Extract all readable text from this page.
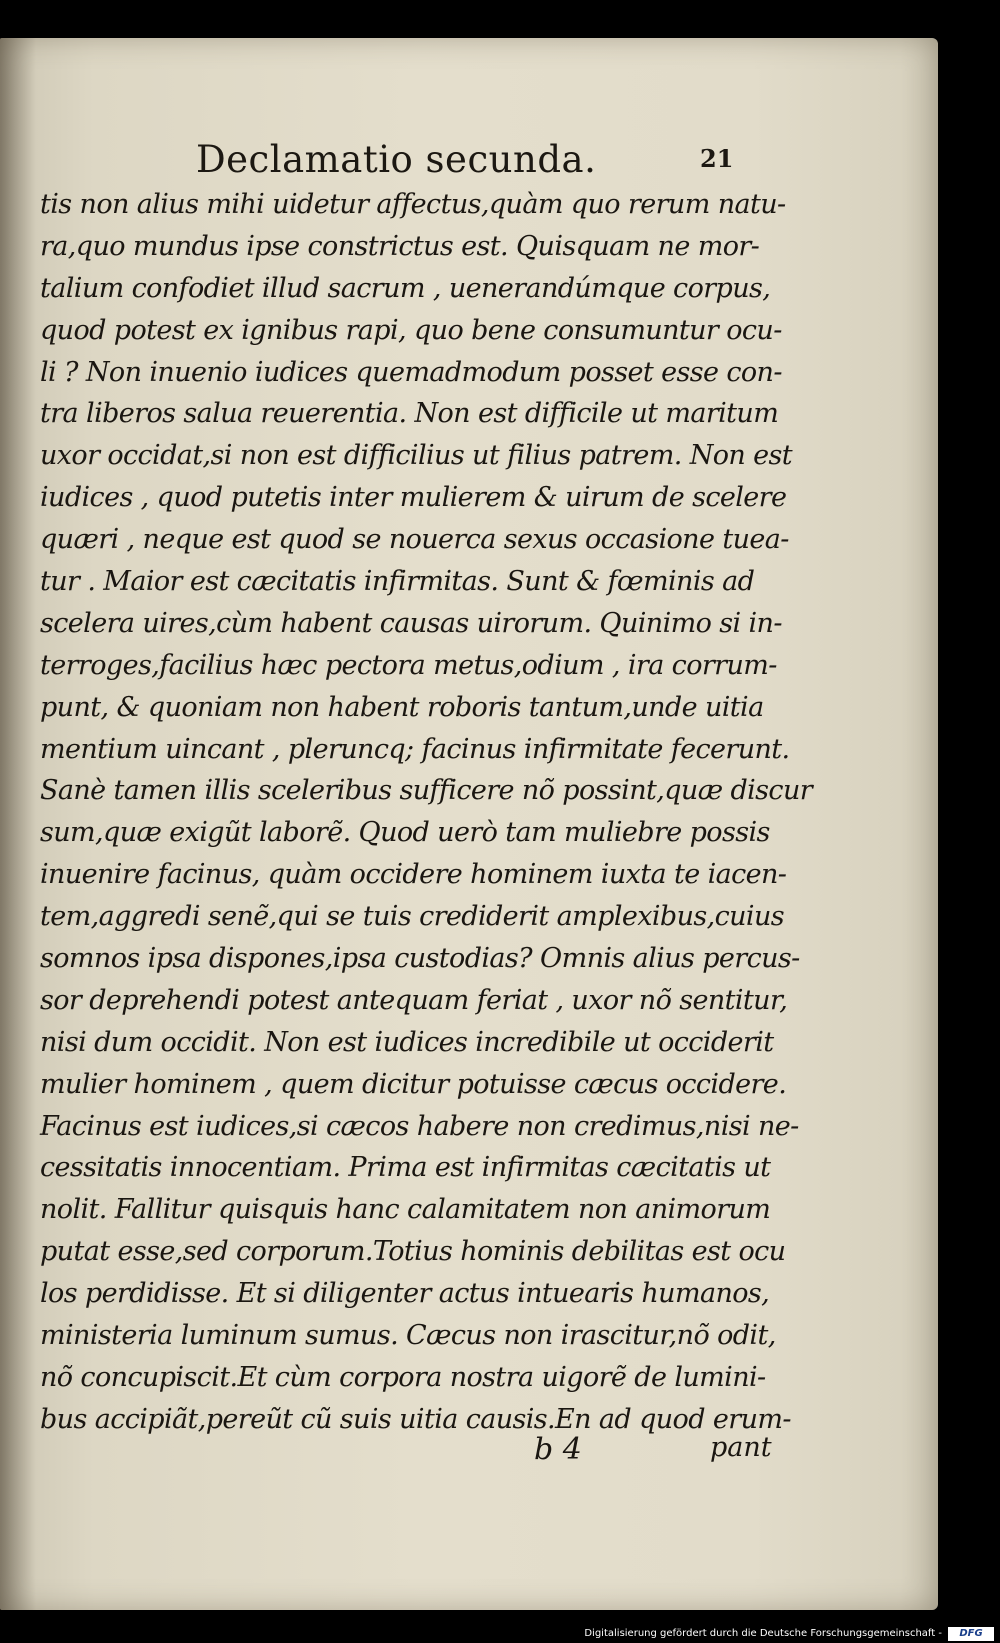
Declamatio secunda.	21
tis non alius mihi uidetur affectus,quàm quo rerum natu-
ra,quo mundus ipse constrictus est. Quisquam ne mor-
talium confodiet illud sacrum , uenerandúmque corpus,
quod potest ex ignibus rapi, quo bene consumuntur ocu-
li ? Non inuenio iudices quemadmodum posset esse con-
tra liberos salua reuerentia. Non est difficile ut maritum
uxor occidat,si non est difficilius ut filius patrem. Non est
iudices , quod putetis inter mulierem & uirum de scelere
quæri , neque est quod se nouerca sexus occasione tuea-
tur . Maior est cæcitatis infirmitas. Sunt & fœminis ad
scelera uires,cùm habent causas uirorum. Quinimo si in-
terroges,facilius hæc pectora metus,odium , ira corrum-
punt, & quoniam non habent roboris tantum,unde uitia
mentium uincant , pleruncq; facinus infirmitate fecerunt.
Sanè tamen illis sceleribus sufficere nõ possint,quæ discur
sum,quæ exigũt laborẽ. Quod uerò tam muliebre possis
inuenire facinus, quàm occidere hominem iuxta te iacen-
tem,aggredi senẽ,qui se tuis crediderit amplexibus,cuius
somnos ipsa dispones,ipsa custodias? Omnis alius percus-
sor deprehendi potest antequam feriat , uxor nõ sentitur,
nisi dum occidit. Non est iudices incredibile ut occiderit
mulier hominem , quem dicitur potuisse cæcus occidere.
Facinus est iudices,si cæcos habere non credimus,nisi ne-
cessitatis innocentiam. Prima est infirmitas cæcitatis ut
nolit. Fallitur quisquis hanc calamitatem non animorum
putat esse,sed corporum.Totius hominis debilitas est ocu
los perdidisse. Et si diligenter actus intuearis humanos,
ministeria luminum sumus. Cæcus non irascitur,nõ odit,
nõ concupiscit.Et cùm corpora nostra uigorẽ de lumini-
bus accipiãt,pereũt cũ suis uitia causis.En ad quod erum-
b 4	pant
Digitalisierung gefördert durch die Deutsche Forschungsgemeinschaft -	DFG
